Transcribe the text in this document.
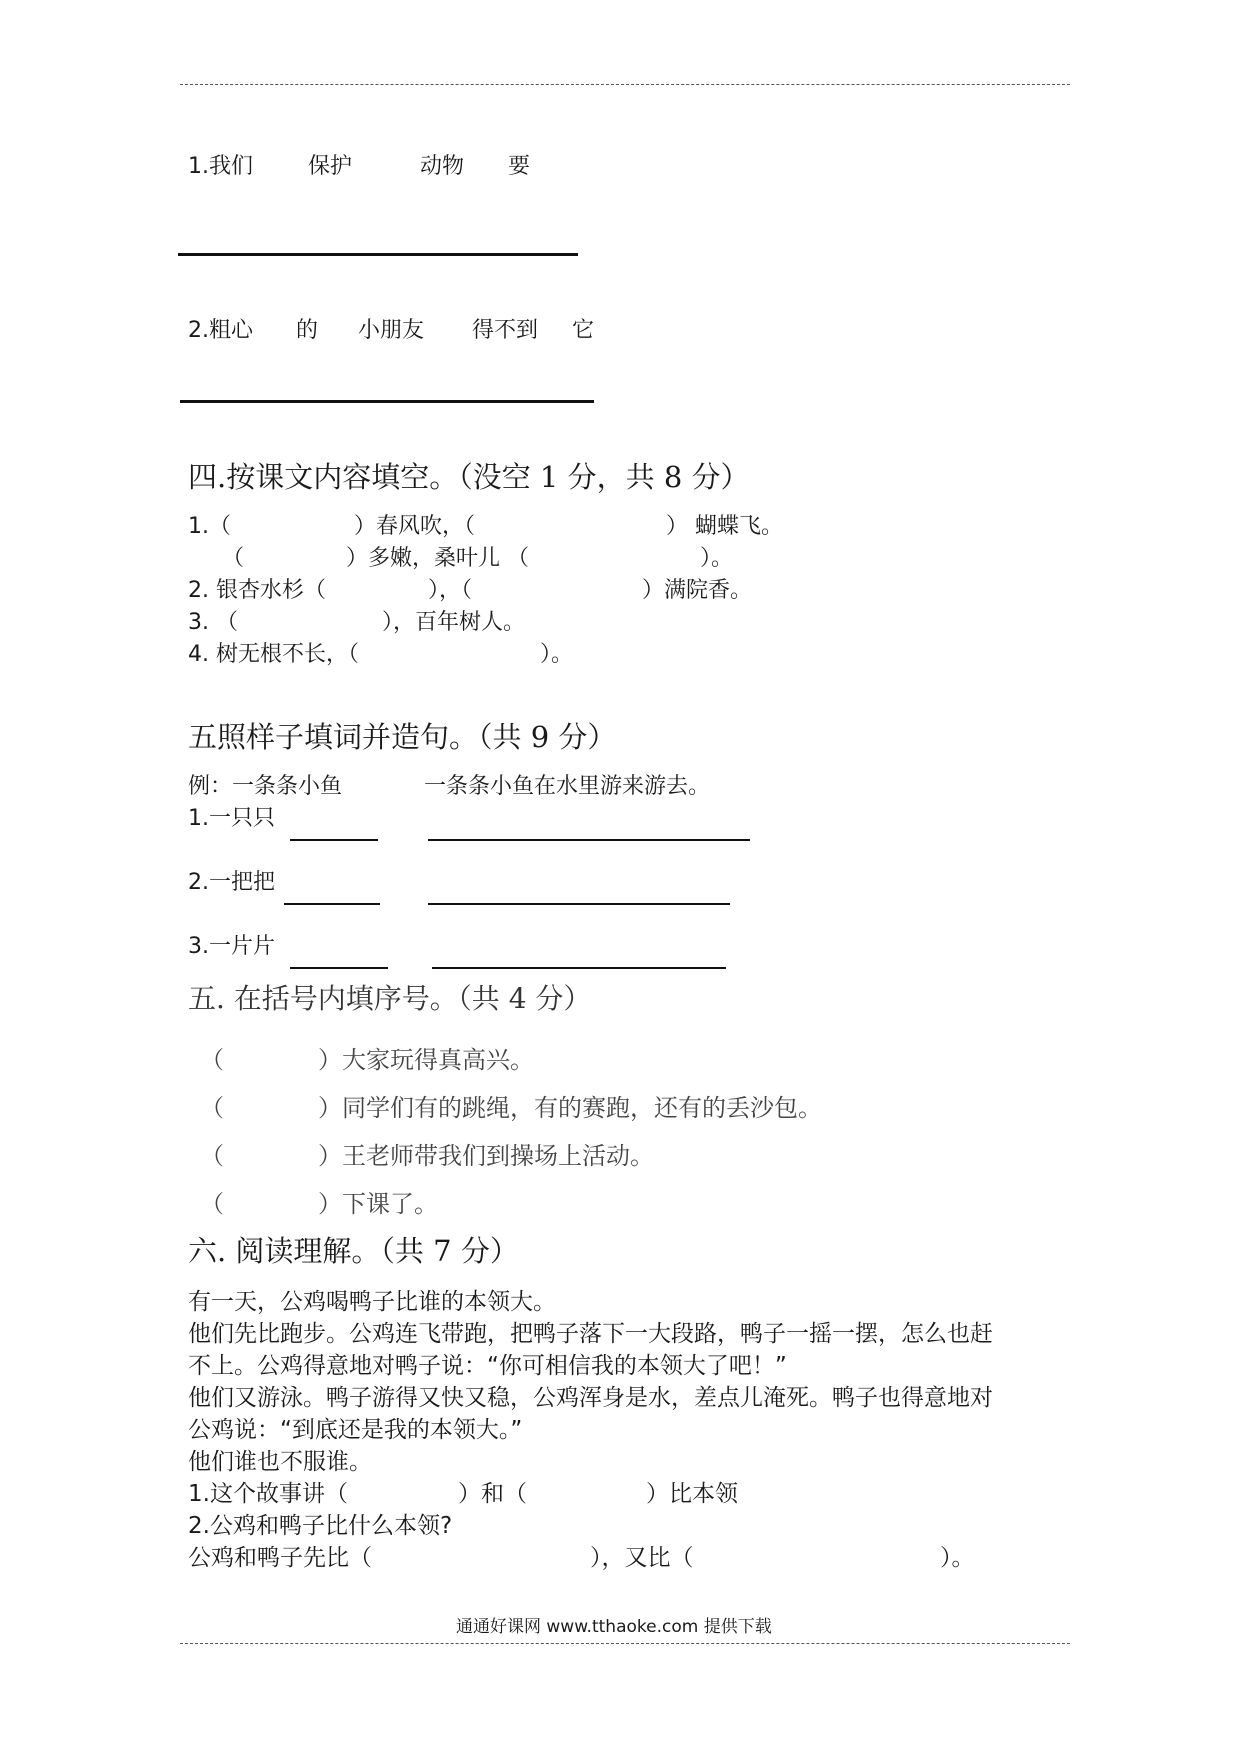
1.我们	保护	动物 要
2.粗心 的 小朋友 得不到 它
四.按课文内容填空。（没空 1 分，共 8 分）
1.（	）春风吹，（	） 蝴蝶飞。
（	）多嫩，桑叶儿 （	）。
2. 银杏水杉（	），（	）满院香。
3. （	），百年树人。
4. 树无根不长，（	）。
五照样子填词并造句。（共 9 分）
例：一条条小鱼	一条条小鱼在水里游来游去。
1.一只只
2.一把把
3.一片片
五. 在括号内填序号。（共 4 分）
（	）大家玩得真高兴。
（	）同学们有的跳绳，有的赛跑，还有的丢沙包。
（	）王老师带我们到操场上活动。
（	）下课了。
六. 阅读理解。（共 7 分）
有一天，公鸡喝鸭子比谁的本领大。
他们先比跑步。公鸡连飞带跑，把鸭子落下一大段路，鸭子一摇一摆，怎么也赶
不上。公鸡得意地对鸭子说：“你可相信我的本领大了吧！”
他们又游泳。鸭子游得又快又稳，公鸡浑身是水，差点儿淹死。鸭子也得意地对
公鸡说：“到底还是我的本领大。”
他们谁也不服谁。
1.这个故事讲（	）和（	）比本领
2.公鸡和鸭子比什么本领?
公鸡和鸭子先比（	），又比（	）。
通通好课网 www.tthaoke.com 提供下载
